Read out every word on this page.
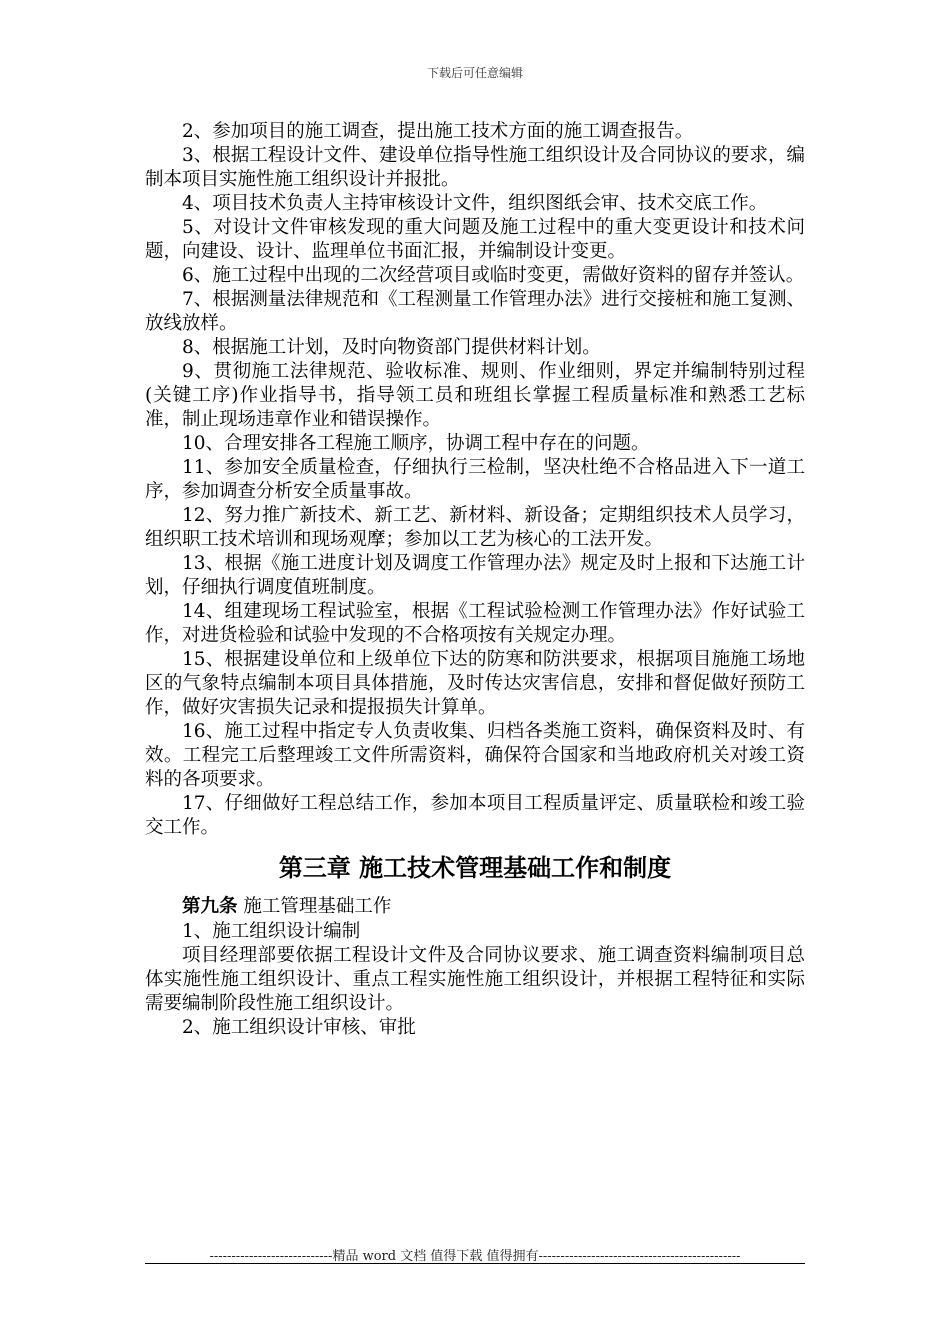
下载后可任意编辑

2、参加项目的施工调查，提出施工技术方面的施工调查报告。

3、根据工程设计文件、建设单位指导性施工组织设计及合同协议的要求，编制本项目实施性施工组织设计并报批。

4、项目技术负责人主持审核设计文件，组织图纸会审、技术交底工作。

5、对设计文件审核发现的重大问题及施工过程中的重大变更设计和技术问题，向建设、设计、监理单位书面汇报，并编制设计变更。

6、施工过程中出现的二次经营项目或临时变更，需做好资料的留存并签认。

7、根据测量法律规范和《工程测量工作管理办法》进行交接桩和施工复测、放线放样。

8、根据施工计划，及时向物资部门提供材料计划。

9、贯彻施工法律规范、验收标准、规则、作业细则，界定并编制特别过程(关键工序)作业指导书，指导领工员和班组长掌握工程质量标准和熟悉工艺标准，制止现场违章作业和错误操作。

10、合理安排各工程施工顺序，协调工程中存在的问题。

11、参加安全质量检查，仔细执行三检制，坚决杜绝不合格品进入下一道工序，参加调查分析安全质量事故。

12、努力推广新技术、新工艺、新材料、新设备；定期组织技术人员学习，组织职工技术培训和现场观摩；参加以工艺为核心的工法开发。

13、根据《施工进度计划及调度工作管理办法》规定及时上报和下达施工计划，仔细执行调度值班制度。

14、组建现场工程试验室，根据《工程试验检测工作管理办法》作好试验工作，对进货检验和试验中发现的不合格项按有关规定办理。

15、根据建设单位和上级单位下达的防寒和防洪要求，根据项目施施工场地区的气象特点编制本项目具体措施，及时传达灾害信息，安排和督促做好预防工作，做好灾害损失记录和提报损失计算单。

16、施工过程中指定专人负责收集、归档各类施工资料，确保资料及时、有效。工程完工后整理竣工文件所需资料，确保符合国家和当地政府机关对竣工资料的各项要求。

17、仔细做好工程总结工作，参加本项目工程质量评定、质量联检和竣工验交工作。

第三章 施工技术管理基础工作和制度

第九条 施工管理基础工作

1、施工组织设计编制

项目经理部要依据工程设计文件及合同协议要求、施工调查资料编制项目总体实施性施工组织设计、重点工程实施性施工组织设计，并根据工程特征和实际需要编制阶段性施工组织设计。

2、施工组织设计审核、审批

----------------------------精品 word 文档 值得下载 值得拥有----------------------------------------------
